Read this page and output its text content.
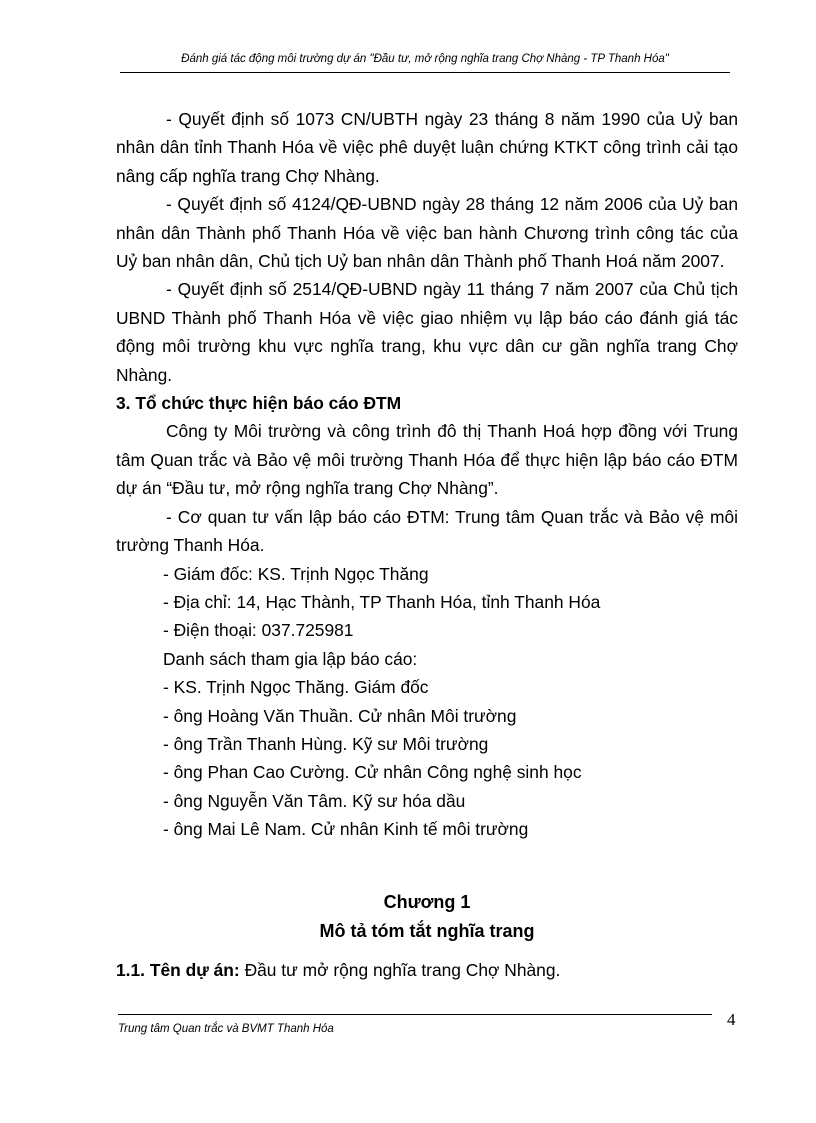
Đánh giá tác động môi trường dự án "Đầu tư, mở rộng nghĩa trang Chợ Nhàng - TP Thanh Hóa"

- Quyết định số 1073 CN/UBTH ngày 23 tháng 8 năm 1990 của Uỷ ban nhân dân tỉnh Thanh Hóa về việc phê duyệt luận chứng KTKT công trình cải tạo nâng cấp nghĩa trang Chợ Nhàng.

- Quyết định số 4124/QĐ-UBND ngày 28 tháng 12 năm 2006 của Uỷ ban nhân dân Thành phố Thanh Hóa về việc ban hành Chương trình công tác của Uỷ ban nhân dân, Chủ tịch Uỷ ban nhân dân Thành phố Thanh Hoá năm 2007.

- Quyết định số 2514/QĐ-UBND ngày 11 tháng 7 năm 2007 của Chủ tịch UBND Thành phố Thanh Hóa về việc giao nhiệm vụ lập báo cáo đánh giá tác động môi trường khu vực nghĩa trang, khu vực dân cư gần nghĩa trang Chợ Nhàng.

3. Tổ chức thực hiện báo cáo ĐTM

Công ty Môi trường và công trình đô thị Thanh Hoá hợp đồng với Trung tâm Quan trắc và Bảo vệ môi trường Thanh Hóa để thực hiện lập báo cáo ĐTM dự án “Đầu tư, mở rộng nghĩa trang Chợ Nhàng”.

- Cơ quan tư vấn lập báo cáo ĐTM: Trung tâm Quan trắc và Bảo vệ môi trường Thanh Hóa.

- Giám đốc: KS. Trịnh Ngọc Thăng

- Địa chỉ: 14, Hạc Thành, TP Thanh Hóa, tỉnh Thanh Hóa

- Điện thoại: 037.725981

Danh sách tham gia lập báo cáo:

- KS. Trịnh Ngọc Thăng. Giám đốc

- ông Hoàng Văn Thuần. Cử nhân Môi trường

- ông Trần Thanh Hùng. Kỹ sư Môi trường

- ông Phan Cao Cường. Cử nhân Công nghệ sinh học

- ông Nguyễn Văn Tâm. Kỹ sư hóa dầu

- ông Mai Lê Nam. Cử nhân Kinh tế môi trường

Chương 1
Mô tả tóm tắt nghĩa trang
1.1. Tên dự án: Đầu tư mở rộng nghĩa trang Chợ Nhàng.
Trung tâm Quan trắc và BVMT Thanh Hóa	4
